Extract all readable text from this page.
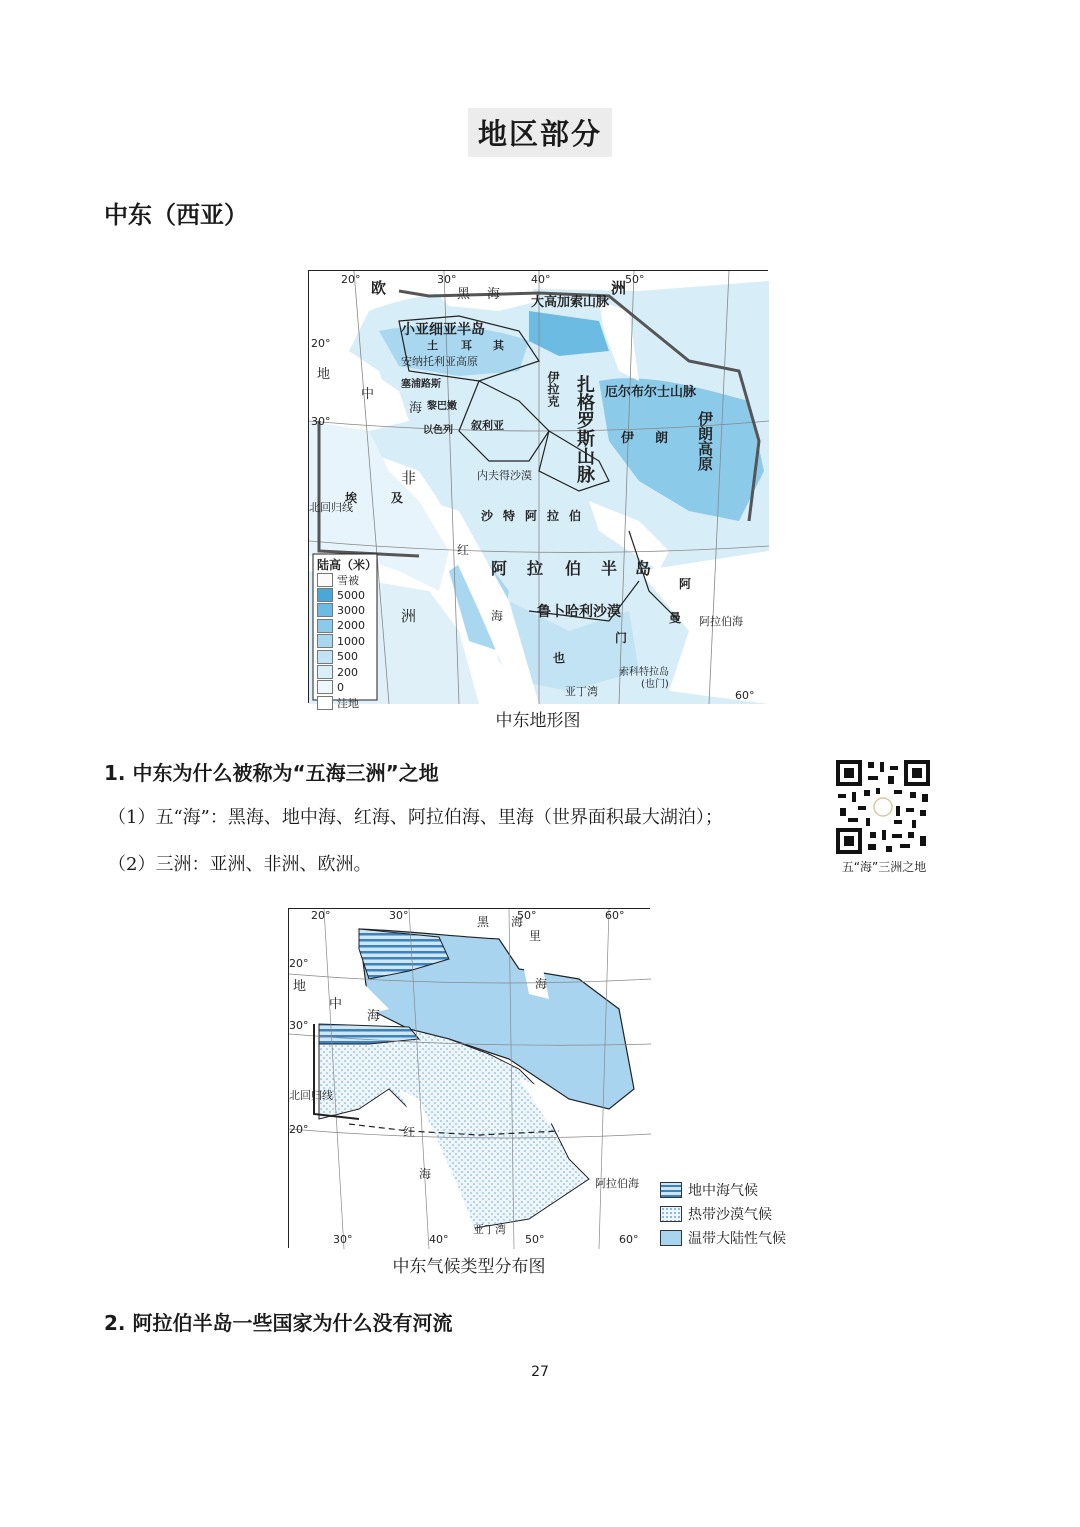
地区部分
中东（西亚）
欧	洲
黑 海
大高加索山脉
小亚细亚半岛
土 耳 其
安纳托利亚高原
厄尔布尔士山脉
扎格罗斯山脉	伊朗高原
伊 朗
伊拉克
叙利亚
地
中
海
塞浦路斯
黎巴嫩
以色列
非
洲
埃	及
红
海
阿 拉 伯 半 岛
沙特阿拉伯
内夫得沙漠
鲁卜哈利沙漠
也
门
阿
曼 阿拉伯海
亚丁湾
索科特拉岛
(也门)
北回归线
20°
30°
20°	30°	40°	50°
60°
陆高（米）
雪被
5000
3000
2000
1000
500
200
0
洼地
中东地形图
1. 中东为什么被称为“五海三洲”之地
（1）五“海”：黑海、地中海、红海、阿拉伯海、里海（世界面积最大湖泊）；
（2）三洲：亚洲、非洲、欧洲。	五“海”三洲之地
黑 海
里
海
地
中
海
红
海
阿拉伯海
亚丁湾
北回归线
20°	30°	50°	60°
20°
30°
20°
30°	40°	50°	60°
中东气候类型分布图
地中海气候
热带沙漠气候
温带大陆性气候
2. 阿拉伯半岛一些国家为什么没有河流
27
